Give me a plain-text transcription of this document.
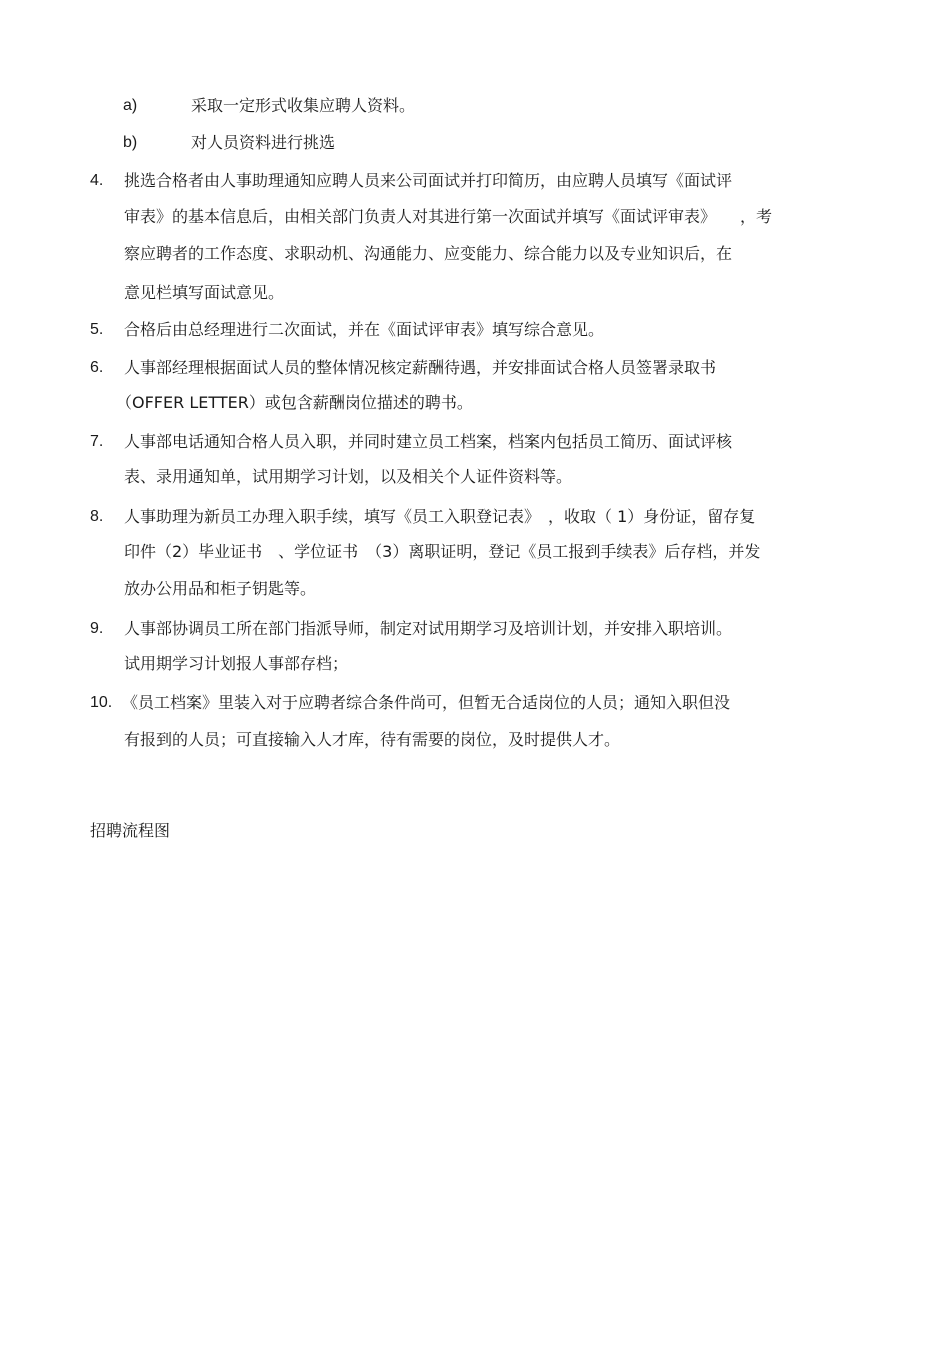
a)	采取一定形式收集应聘人资料。
b)	对人员资料进行挑选
4. 挑选合格者由人事助理通知应聘人员来公司面试并打印简历，由应聘人员填写《面试评
审表》的基本信息后，由相关部门负责人对其进行第一次面试并填写《面试评审表》　　，考
察应聘者的工作态度、求职动机、沟通能力、应变能力、综合能力以及专业知识后，在
意见栏填写面试意见。
5. 合格后由总经理进行二次面试，并在《面试评审表》填写综合意见。
6. 人事部经理根据面试人员的整体情况核定薪酬待遇，并安排面试合格人员签署录取书
（OFFER LETTER）或包含薪酬岗位描述的聘书。
7. 人事部电话通知合格人员入职，并同时建立员工档案，档案内包括员工简历、面试评核
表、录用通知单，试用期学习计划，以及相关个人证件资料等。
8. 人事助理为新员工办理入职手续，填写《员工入职登记表》　，收取（ 1）身份证，留存复
印件（2）毕业证书　、学位证书　（3）离职证明，登记《员工报到手续表》后存档，并发
放办公用品和柜子钥匙等。
9. 人事部协调员工所在部门指派导师，制定对试用期学习及培训计划，并安排入职培训。
试用期学习计划报人事部存档；
10. 《员工档案》里装入对于应聘者综合条件尚可，但暂无合适岗位的人员；通知入职但没
有报到的人员；可直接输入人才库，待有需要的岗位，及时提供人才。
招聘流程图
